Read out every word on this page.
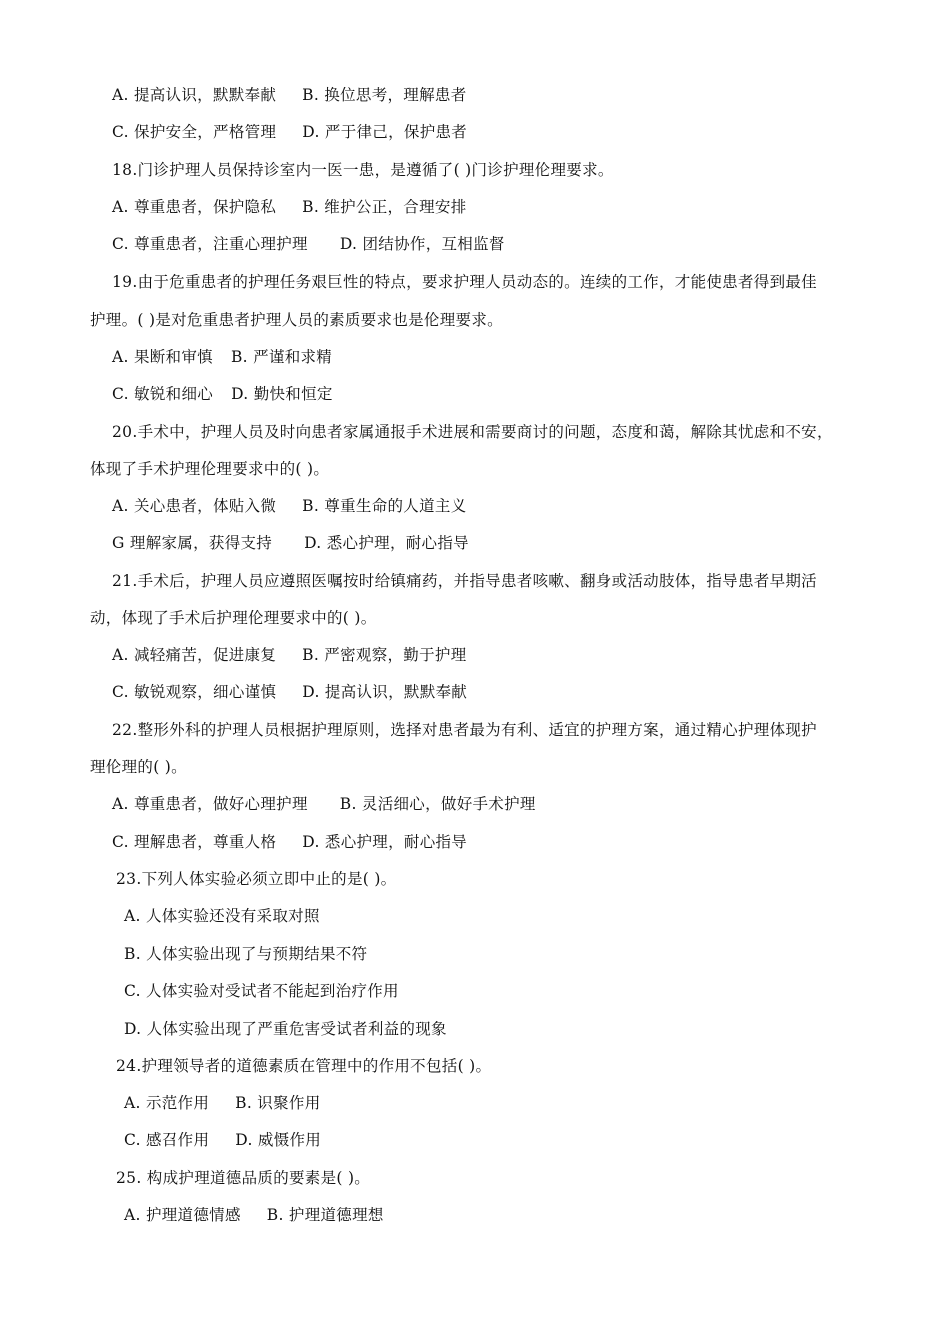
A. 提高认识，默默奉献 B. 换位思考，理解患者
C. 保护安全，严格管理 D. 严于律己，保护患者
18.门诊护理人员保持诊室内一医一患，是遵循了( )门诊护理伦理要求。
A. 尊重患者，保护隐私 B. 维护公正，合理安排
C. 尊重患者，注重心理护理 D. 团结协作，互相监督
19.由于危重患者的护理任务艰巨性的特点，要求护理人员动态的。连续的工作，才能使患者得到最佳
护理。( )是对危重患者护理人员的素质要求也是伦理要求。
A. 果断和审慎 B. 严谨和求精
C. 敏锐和细心 D. 勤快和恒定
20.手术中，护理人员及时向患者家属通报手术进展和需要商讨的问题，态度和蔼，解除其忧虑和不安，
体现了手术护理伦理要求中的( )。
A. 关心患者，体贴入微 B. 尊重生命的人道主义
G 理解家属，获得支持 D. 悉心护理，耐心指导
21.手术后，护理人员应遵照医嘱按时给镇痛药，并指导患者咳嗽、翻身或活动肢体，指导患者早期活
动，体现了手术后护理伦理要求中的( )。
A. 减轻痛苦，促进康复 B. 严密观察，勤于护理
C. 敏锐观察，细心谨慎 D. 提高认识，默默奉献
22.整形外科的护理人员根据护理原则，选择对患者最为有利、适宜的护理方案，通过精心护理体现护
理伦理的( )。
A. 尊重患者，做好心理护理 B. 灵活细心，做好手术护理
C. 理解患者，尊重人格 D. 悉心护理，耐心指导
23.下列人体实验必须立即中止的是( )。
A. 人体实验还没有采取对照
B. 人体实验出现了与预期结果不符
C. 人体实验对受试者不能起到治疗作用
D. 人体实验出现了严重危害受试者利益的现象
24.护理领导者的道德素质在管理中的作用不包括( )。
A. 示范作用 B. 识聚作用
C. 感召作用 D. 威慑作用
25. 构成护理道德品质的要素是( )。
A. 护理道德情感 B. 护理道德理想
